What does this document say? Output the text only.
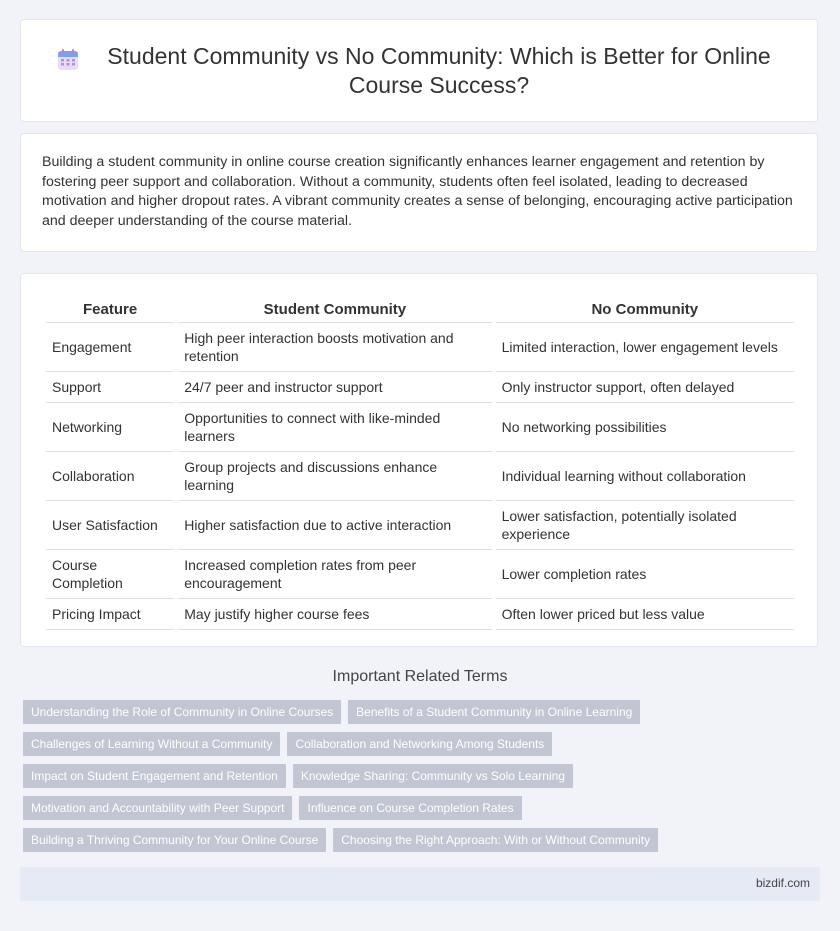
Student Community vs No Community: Which is Better for Online Course Success?

Building a student community in online course creation significantly enhances learner engagement and retention by fostering peer support and collaboration. Without a community, students often feel isolated, leading to decreased motivation and higher dropout rates. A vibrant community creates a sense of belonging, encouraging active participation and deeper understanding of the course material.

Feature	Student Community	No Community
Engagement	High peer interaction boosts motivation and retention	Limited interaction, lower engagement levels
Support	24/7 peer and instructor support	Only instructor support, often delayed
Networking	Opportunities to connect with like-minded learners	No networking possibilities
Collaboration	Group projects and discussions enhance learning	Individual learning without collaboration
User Satisfaction	Higher satisfaction due to active interaction	Lower satisfaction, potentially isolated experience
Course Completion	Increased completion rates from peer encouragement	Lower completion rates
Pricing Impact	May justify higher course fees	Often lower priced but less value
Important Related Terms
Understanding the Role of Community in Online Courses	Benefits of a Student Community in Online Learning
Challenges of Learning Without a Community	Collaboration and Networking Among Students
Impact on Student Engagement and Retention	Knowledge Sharing: Community vs Solo Learning
Motivation and Accountability with Peer Support	Influence on Course Completion Rates
Building a Thriving Community for Your Online Course	Choosing the Right Approach: With or Without Community
bizdif.com
